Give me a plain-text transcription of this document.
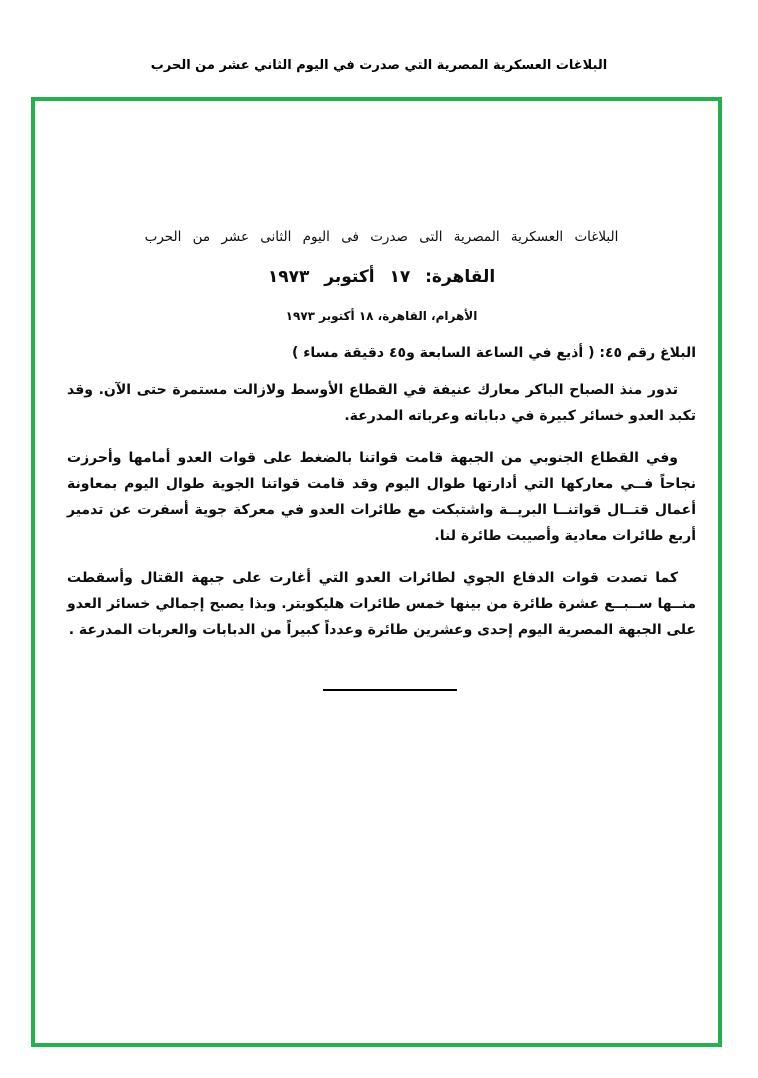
البلاغات العسكرية المصرية التي صدرت في اليوم الثاني عشر من الحرب
البلاغات العسكرية المصرية التى صدرت فى اليوم الثانى عشر من الحرب
القاهرة: ١٧ أكتوبر ١٩٧٣
الأهرام، القاهرة، ١٨ أكتوبر ١٩٧٣
البلاغ رقم ٤٥: ( أذيع في الساعة السابعة و٤٥ دقيقة مساء )

تدور منذ الصباح الباكر معارك عنيفة في القطاع الأوسط ولازالت مستمرة حتى الآن. وقد تكبد العدو خسائر كبيرة في دباباته وعرباته المدرعة.

وفي القطاع الجنوبي من الجبهة قامت قواتنا بالضغط على قوات العدو أمامها وأحرزت نجاحاً فــي معاركها التي أدارتها طوال اليوم وقد قامت قواتنا الجوية طوال اليوم بمعاونة أعمال قتــال قواتنــا البريــة واشتبكت مع طائرات العدو في معركة جوية أسفرت عن تدمير أربع طائرات معادية وأصيبت طائرة لنا.

كما تصدت قوات الدفاع الجوي لطائرات العدو التي أغارت على جبهة القتال وأسقطت منــها ســبــع عشرة طائرة من بينها خمس طائرات هليكوبتر. وبذا يصبح إجمالي خسائر العدو على الجبهة المصرية اليوم إحدى وعشرين طائرة وعدداً كبيراً من الدبابات والعربات المدرعة .
